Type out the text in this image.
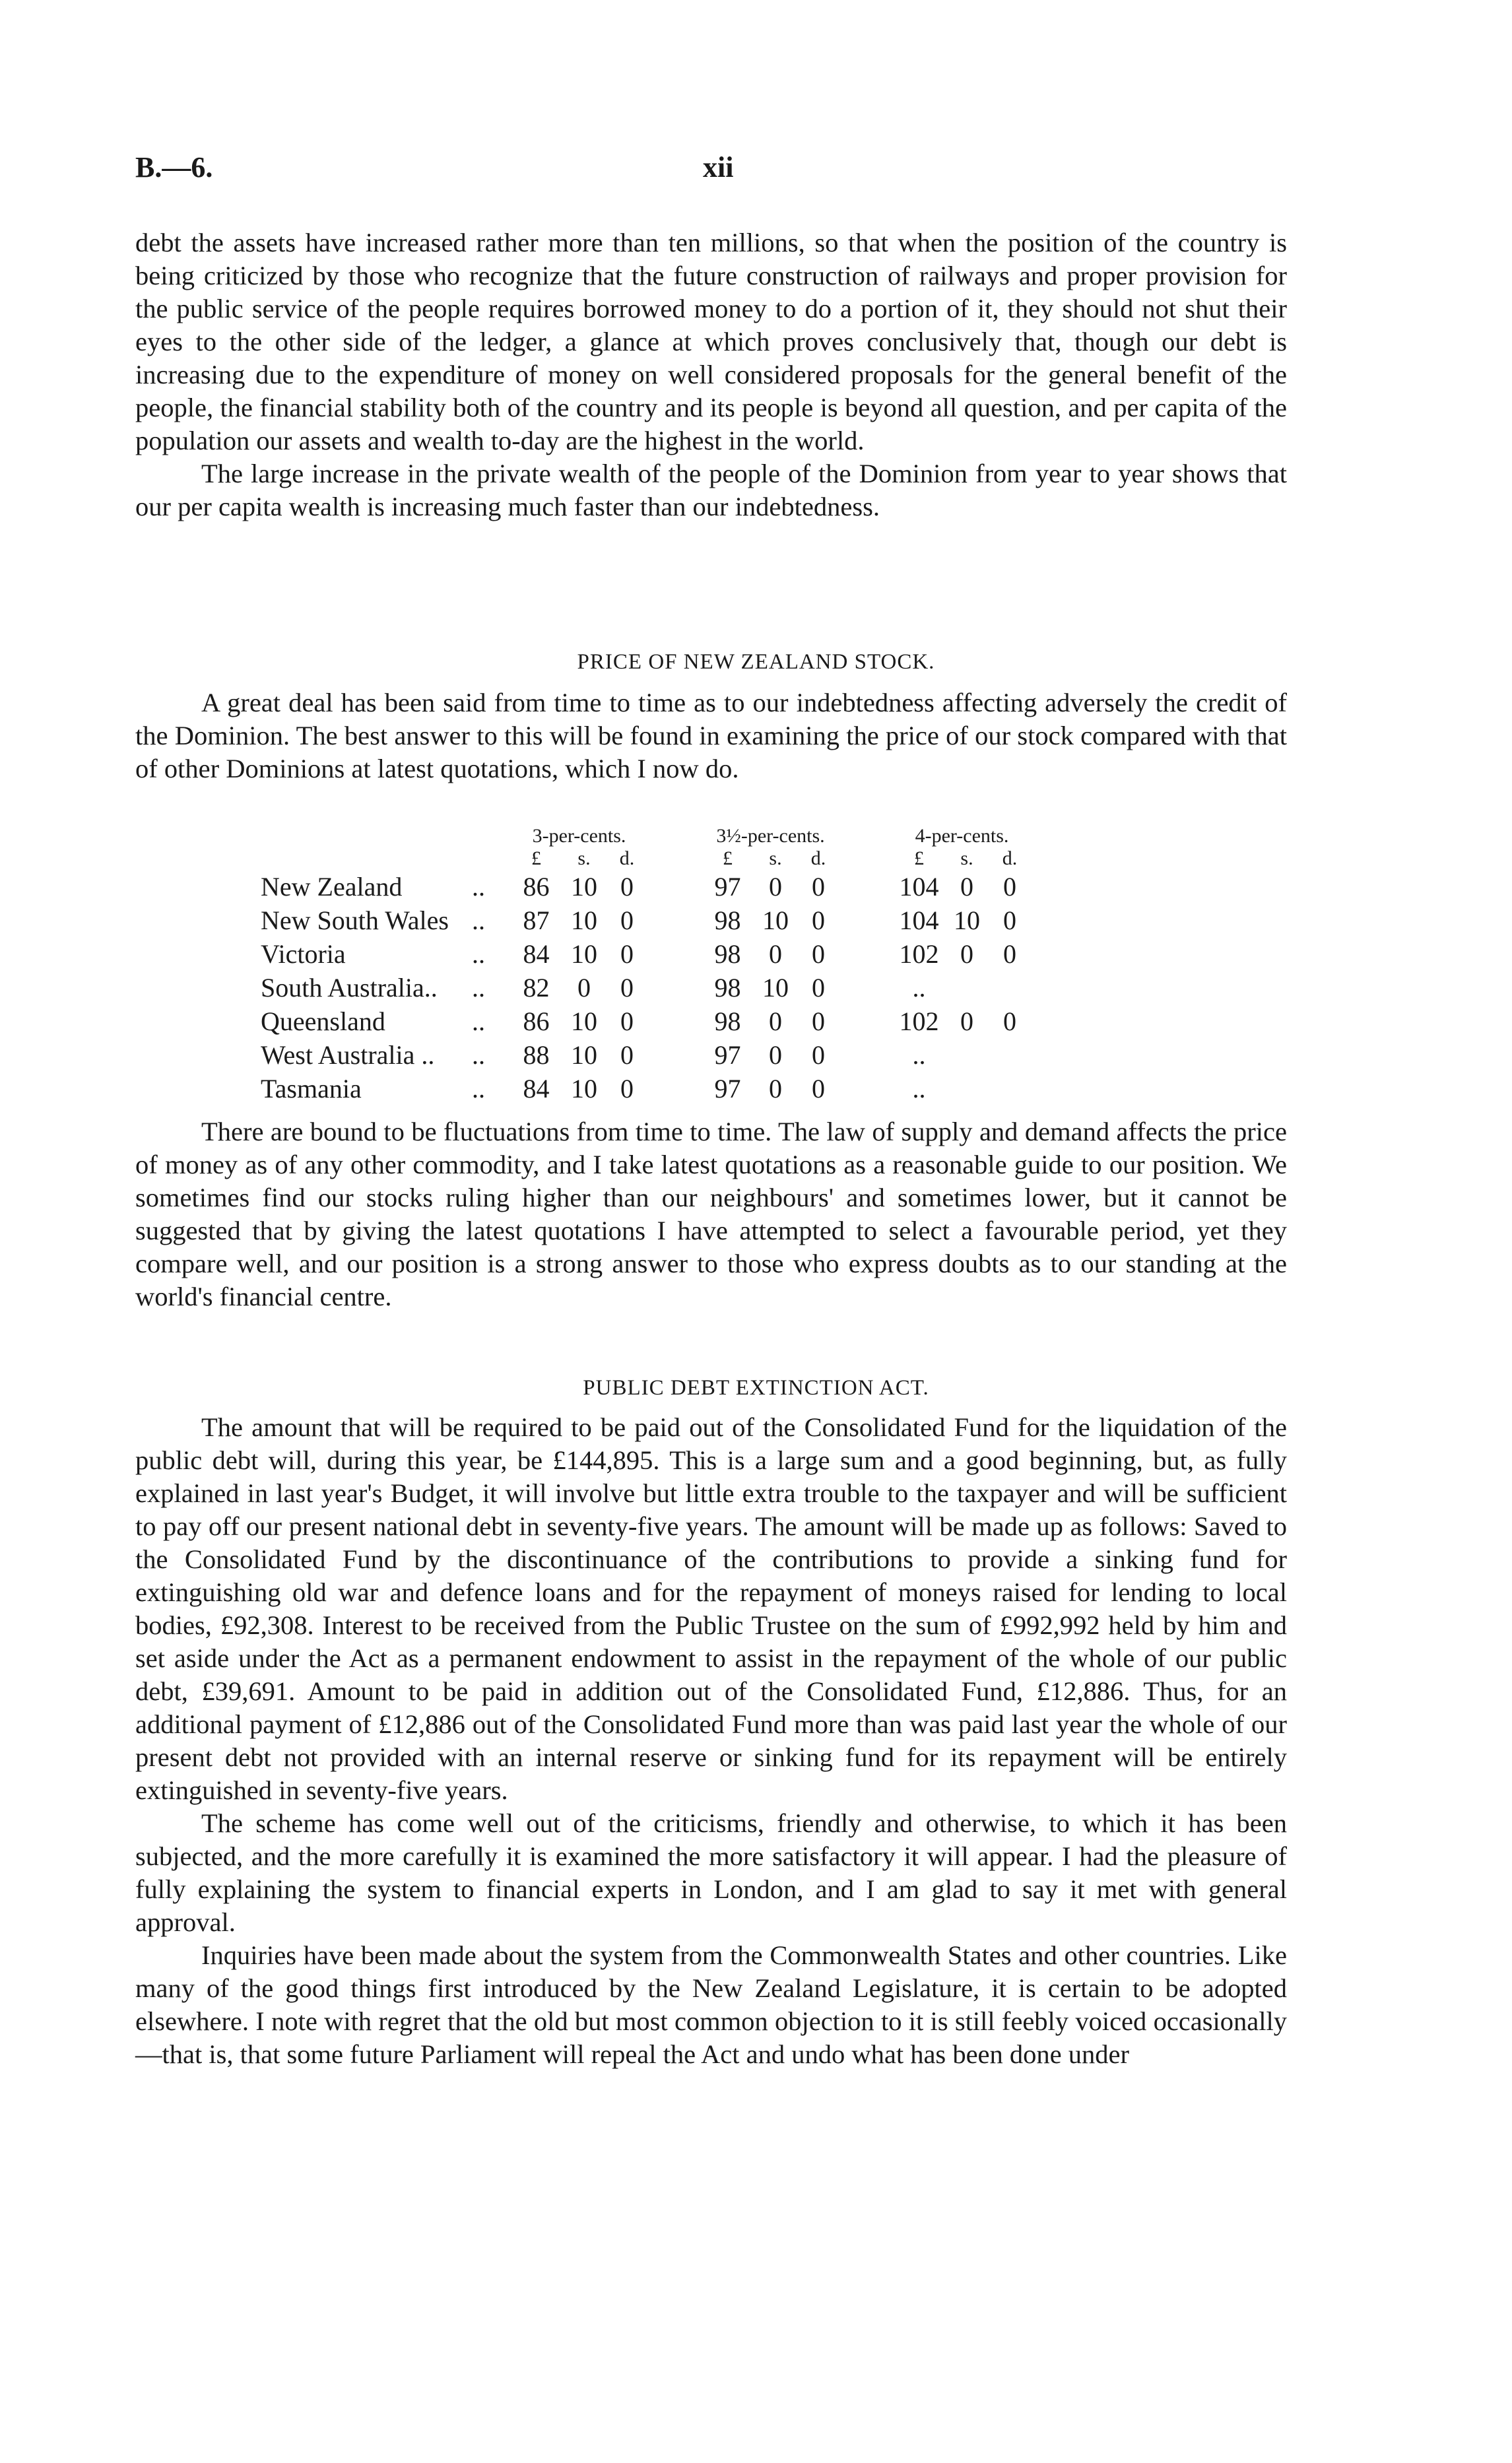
B.—6.	xii

debt the assets have increased rather more than ten millions, so that when the position of the country is being criticized by those who recognize that the future construction of railways and proper provision for the public service of the people requires borrowed money to do a portion of it, they should not shut their eyes to the other side of the ledger, a glance at which proves conclusively that, though our debt is increasing due to the expenditure of money on well considered proposals for the general benefit of the people, the financial stability both of the country and its people is beyond all question, and per capita of the population our assets and wealth to-day are the highest in the world.

The large increase in the private wealth of the people of the Dominion from year to year shows that our per capita wealth is increasing much faster than our indebtedness.

PRICE OF NEW ZEALAND STOCK.

A great deal has been said from time to time as to our indebtedness affecting adversely the credit of the Dominion. The best answer to this will be found in examining the price of our stock compared with that of other Dominions at latest quotations, which I now do.

		3-per-cents.				3½-per-cents.				4-per-cents.		
		£	s.	d.		£	s.	d.		£	s.	d.
New Zealand	..	86	10	0		97	0	0		104	0	0
New South Wales	..	87	10	0		98	10	0		104	10	0
Victoria	..	84	10	0		98	0	0		102	0	0
South Australia..	..	82	0	0		98	10	0		..		
Queensland	..	86	10	0		98	0	0		102	0	0
West Australia ..	..	88	10	0		97	0	0		..		
Tasmania	..	84	10	0		97	0	0		..		

There are bound to be fluctuations from time to time. The law of supply and demand affects the price of money as of any other commodity, and I take latest quotations as a reasonable guide to our position. We sometimes find our stocks ruling higher than our neighbours' and sometimes lower, but it cannot be suggested that by giving the latest quotations I have attempted to select a favourable period, yet they compare well, and our position is a strong answer to those who express doubts as to our standing at the world's financial centre.

PUBLIC DEBT EXTINCTION ACT.

The amount that will be required to be paid out of the Consolidated Fund for the liquidation of the public debt will, during this year, be £144,895. This is a large sum and a good beginning, but, as fully explained in last year's Budget, it will involve but little extra trouble to the taxpayer and will be sufficient to pay off our present national debt in seventy-five years. The amount will be made up as follows: Saved to the Consolidated Fund by the discontinuance of the contributions to provide a sinking fund for extinguishing old war and defence loans and for the repayment of moneys raised for lending to local bodies, £92,308. Interest to be received from the Public Trustee on the sum of £992,992 held by him and set aside under the Act as a permanent endowment to assist in the repayment of the whole of our public debt, £39,691. Amount to be paid in addition out of the Consolidated Fund, £12,886. Thus, for an additional payment of £12,886 out of the Consolidated Fund more than was paid last year the whole of our present debt not provided with an internal reserve or sinking fund for its repayment will be entirely extinguished in seventy-five years.

The scheme has come well out of the criticisms, friendly and otherwise, to which it has been subjected, and the more carefully it is examined the more satisfactory it will appear. I had the pleasure of fully explaining the system to financial experts in London, and I am glad to say it met with general approval.

Inquiries have been made about the system from the Commonwealth States and other countries. Like many of the good things first introduced by the New Zealand Legislature, it is certain to be adopted elsewhere. I note with regret that the old but most common objection to it is still feebly voiced occasionally—that is, that some future Parliament will repeal the Act and undo what has been done under
